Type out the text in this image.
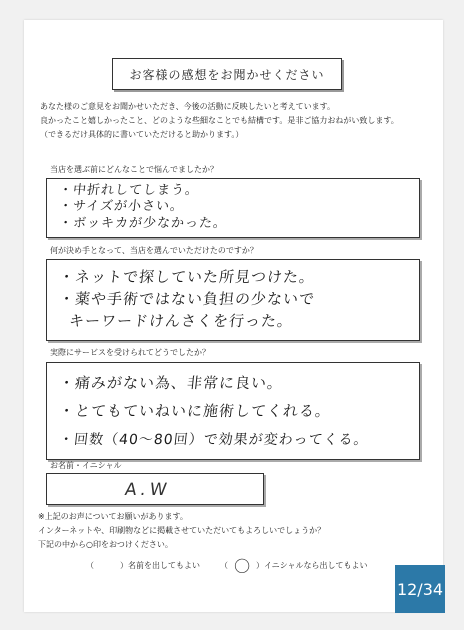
お客様の感想をお聞かせください
あなた様のご意見をお聞かせいただき、今後の活動に反映したいと考えています。
良かったこと嬉しかったこと、どのような些細なことでも結構です。是非ご協力おねがい致します。
（できるだけ具体的に書いていただけると助かります。）
当店を選ぶ前にどんなことで悩んでましたか？
・中折れしてしまう。
・サイズが小さい。
・ボッキカが少なかった。
何が決め手となって、当店を選んでいただけたのですか？
・ネットで探していた所見つけた。
・薬や手術ではない負担の少ないで
キーワードけんさくを行った。
実際にサービスを受けられてどうでしたか？
・痛みがない為、非常に良い。
・とてもていねいに施術してくれる。
・回数（40〜80回）で効果が変わってくる。
お名前・イニシャル
A.W
※上記のお声についてお願いがあります。
インターネットや、印刷物などに掲載させていただいてもよろしいでしょうか？
下記の中から○印をおつけください。
（	）名前を出してもよい	（ 〇 ）イニシャルなら出してもよい
12/34
